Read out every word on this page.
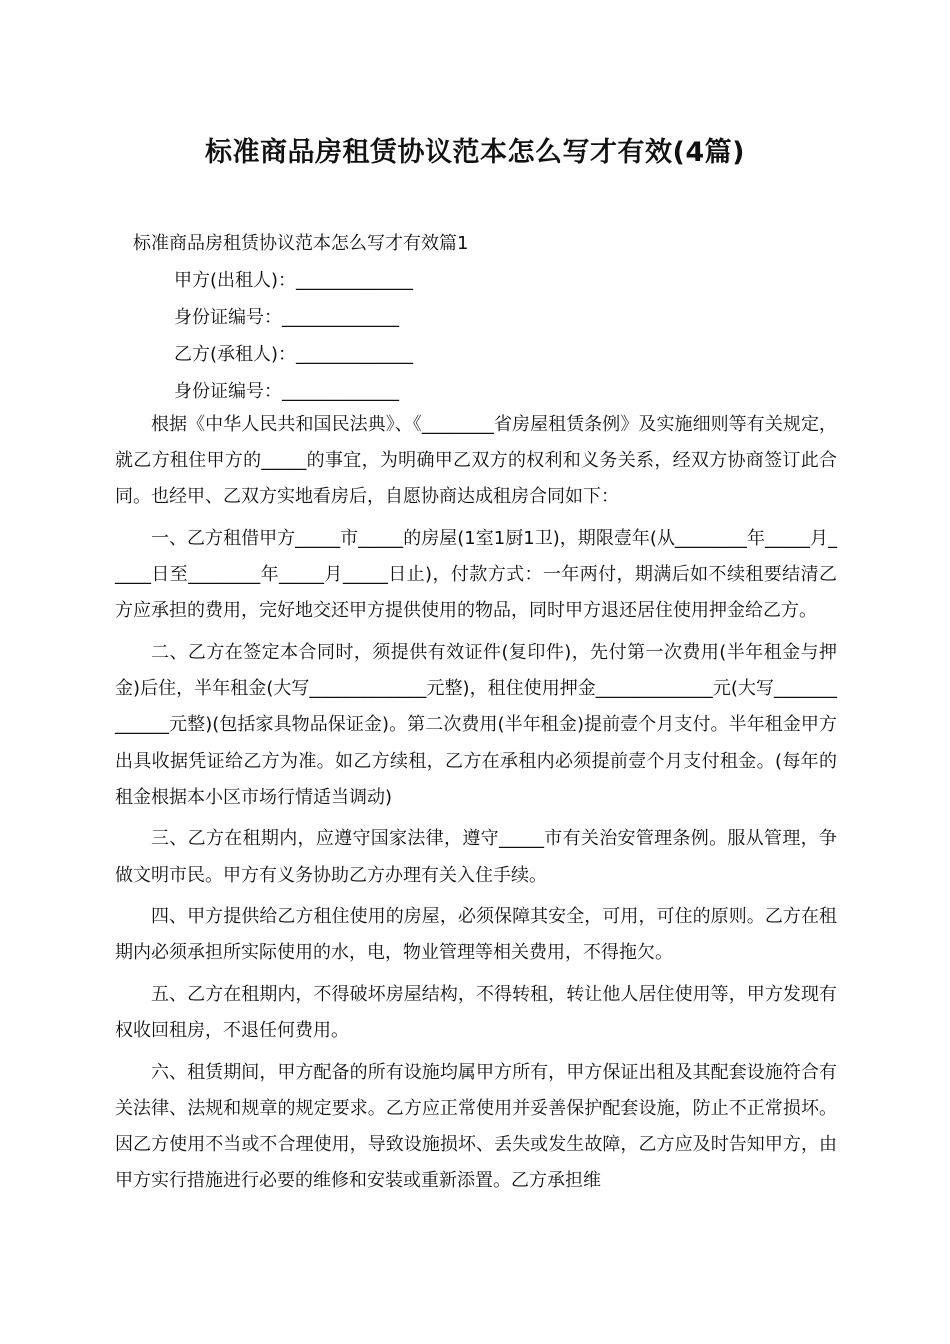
标准商品房租赁协议范本怎么写才有效(4篇)
标准商品房租赁协议范本怎么写才有效篇1
甲方(出租人)：_____________
身份证编号：_____________
乙方(承租人)：_____________
身份证编号：_____________

根据《中华人民共和国民法典》、《________省房屋租赁条例》及实施细则等有关规定，就乙方租住甲方的_____的事宜，为明确甲乙双方的权利和义务关系，经双方协商签订此合同。也经甲、乙双方实地看房后，自愿协商达成租房合同如下：

一、乙方租借甲方_____市_____的房屋(1室1厨1卫)，期限壹年(从________年_____月_____日至________年_____月_____日止)，付款方式：一年两付，期满后如不续租要结清乙方应承担的费用，完好地交还甲方提供使用的物品，同时甲方退还居住使用押金给乙方。

二、乙方在签定本合同时，须提供有效证件(复印件)，先付第一次费用(半年租金与押金)后住，半年租金(大写_____________元整)，租住使用押金_____________元(大写_____________元整)(包括家具物品保证金)。第二次费用(半年租金)提前壹个月支付。半年租金甲方出具收据凭证给乙方为准。如乙方续租，乙方在承租内必须提前壹个月支付租金。(每年的租金根据本小区市场行情适当调动)

三、乙方在租期内，应遵守国家法律，遵守_____市有关治安管理条例。服从管理，争做文明市民。甲方有义务协助乙方办理有关入住手续。

四、甲方提供给乙方租住使用的房屋，必须保障其安全，可用，可住的原则。乙方在租期内必须承担所实际使用的水，电，物业管理等相关费用，不得拖欠。

五、乙方在租期内，不得破坏房屋结构，不得转租，转让他人居住使用等，甲方发现有权收回租房，不退任何费用。

六、租赁期间，甲方配备的所有设施均属甲方所有，甲方保证出租及其配套设施符合有关法律、法规和规章的规定要求。乙方应正常使用并妥善保护配套设施，防止不正常损坏。因乙方使用不当或不合理使用，导致设施损坏、丢失或发生故障，乙方应及时告知甲方，由甲方实行措施进行必要的维修和安装或重新添置。乙方承担维
